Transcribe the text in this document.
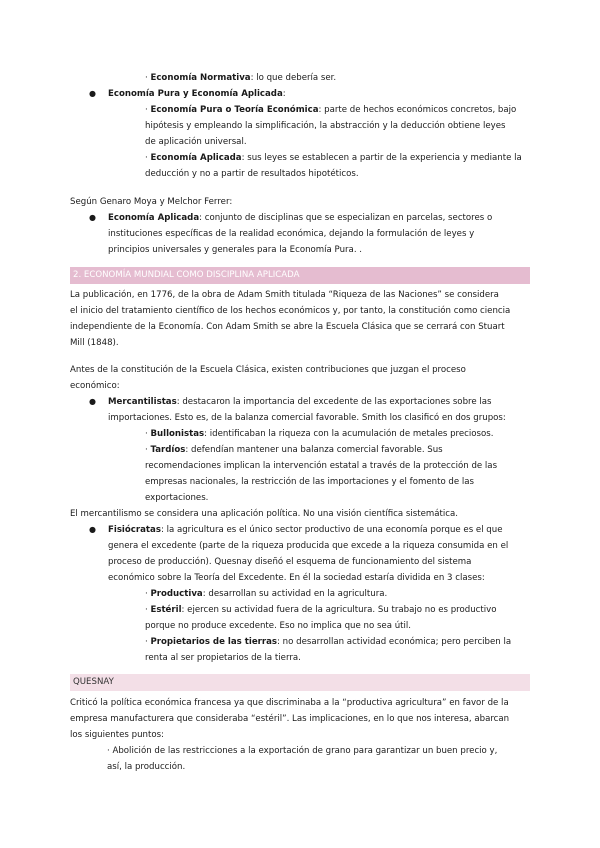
· Economía Normativa: lo que debería ser.
● Economía Pura y Economía Aplicada:
· Economía Pura o Teoría Económica: parte de hechos económicos concretos, bajo
hipótesis y empleando la simplificación, la abstracción y la deducción obtiene leyes
de aplicación universal.
· Economía Aplicada: sus leyes se establecen a partir de la experiencia y mediante la
deducción y no a partir de resultados hipotéticos.
Según Genaro Moya y Melchor Ferrer:
● Economía Aplicada: conjunto de disciplinas que se especializan en parcelas, sectores o
instituciones específicas de la realidad económica, dejando la formulación de leyes y
principios universales y generales para la Economía Pura. .
2. ECONOMÍA MUNDIAL COMO DISCIPLINA APLICADA
La publicación, en 1776, de la obra de Adam Smith titulada “Riqueza de las Naciones” se considera
el inicio del tratamiento científico de los hechos económicos y, por tanto, la constitución como ciencia
independiente de la Economía. Con Adam Smith se abre la Escuela Clásica que se cerrará con Stuart
Mill (1848).
Antes de la constitución de la Escuela Clásica, existen contribuciones que juzgan el proceso
económico:
● Mercantilistas: destacaron la importancia del excedente de las exportaciones sobre las
importaciones. Esto es, de la balanza comercial favorable. Smith los clasificó en dos grupos:
· Bullonistas: identificaban la riqueza con la acumulación de metales preciosos.
· Tardíos: defendían mantener una balanza comercial favorable. Sus
recomendaciones implican la intervención estatal a través de la protección de las
empresas nacionales, la restricción de las importaciones y el fomento de las
exportaciones.
El mercantilismo se considera una aplicación política. No una visión científica sistemática.
● Fisiócratas: la agricultura es el único sector productivo de una economía porque es el que
genera el excedente (parte de la riqueza producida que excede a la riqueza consumida en el
proceso de producción). Quesnay diseñó el esquema de funcionamiento del sistema
económico sobre la Teoría del Excedente. En él la sociedad estaría dividida en 3 clases:
· Productiva: desarrollan su actividad en la agricultura.
· Estéril: ejercen su actividad fuera de la agricultura. Su trabajo no es productivo
porque no produce excedente. Eso no implica que no sea útil.
· Propietarios de las tierras: no desarrollan actividad económica; pero perciben la
renta al ser propietarios de la tierra.
QUESNAY
Criticó la política económica francesa ya que discriminaba a la “productiva agricultura” en favor de la
empresa manufacturera que consideraba “estéril”. Las implicaciones, en lo que nos interesa, abarcan
los siguientes puntos:
· Abolición de las restricciones a la exportación de grano para garantizar un buen precio y,
así, la producción.
